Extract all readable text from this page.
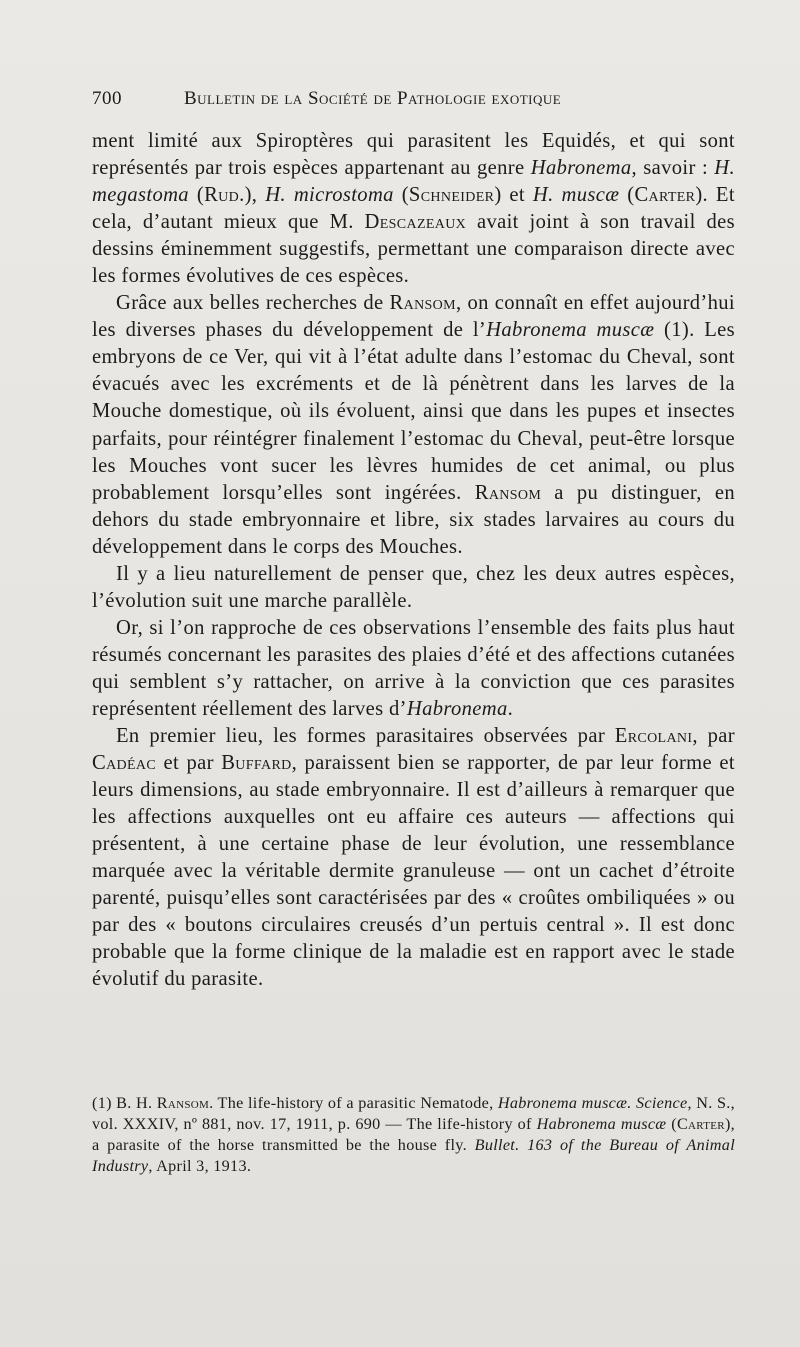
700	Bulletin de la Société de Pathologie exotique

ment limité aux Spiroptères qui parasitent les Equidés, et qui sont représentés par trois espèces appartenant au genre Habronema, savoir : H. megastoma (Rud.), H. microstoma (Schneider) et H. muscæ (Carter). Et cela, d’autant mieux que M. Descazeaux avait joint à son travail des dessins éminemment suggestifs, permettant une comparaison directe avec les formes évolutives de ces espèces.

Grâce aux belles recherches de Ransom, on connaît en effet aujourd’hui les diverses phases du développement de l’Habronema muscæ (1). Les embryons de ce Ver, qui vit à l’état adulte dans l’estomac du Cheval, sont évacués avec les excréments et de là pénètrent dans les larves de la Mouche domestique, où ils évoluent, ainsi que dans les pupes et insectes parfaits, pour réintégrer finalement l’estomac du Cheval, peut-être lorsque les Mouches vont sucer les lèvres humides de cet animal, ou plus probablement lorsqu’elles sont ingérées. Ransom a pu distinguer, en dehors du stade embryonnaire et libre, six stades larvaires au cours du développement dans le corps des Mouches.

Il y a lieu naturellement de penser que, chez les deux autres espèces, l’évolution suit une marche parallèle.

Or, si l’on rapproche de ces observations l’ensemble des faits plus haut résumés concernant les parasites des plaies d’été et des affections cutanées qui semblent s’y rattacher, on arrive à la conviction que ces parasites représentent réellement des larves d’Habronema.

En premier lieu, les formes parasitaires observées par Ercolani, par Cadéac et par Buffard, paraissent bien se rapporter, de par leur forme et leurs dimensions, au stade embryonnaire. Il est d’ailleurs à remarquer que les affections auxquelles ont eu affaire ces auteurs — affections qui présentent, à une certaine phase de leur évolution, une ressemblance marquée avec la véritable dermite granuleuse — ont un cachet d’étroite parenté, puisqu’elles sont caractérisées par des « croûtes ombiliquées » ou par des « boutons circulaires creusés d’un pertuis central ». Il est donc probable que la forme clinique de la maladie est en rapport avec le stade évolutif du parasite.

(1) B. H. Ransom. The life-history of a parasitic Nematode, Habronema muscæ. Science, N. S., vol. XXXIV, nº 881, nov. 17, 1911, p. 690 — The life-history of Habronema muscæ (Carter), a parasite of the horse transmitted be the house fly. Bullet. 163 of the Bureau of Animal Industry, April 3, 1913.
